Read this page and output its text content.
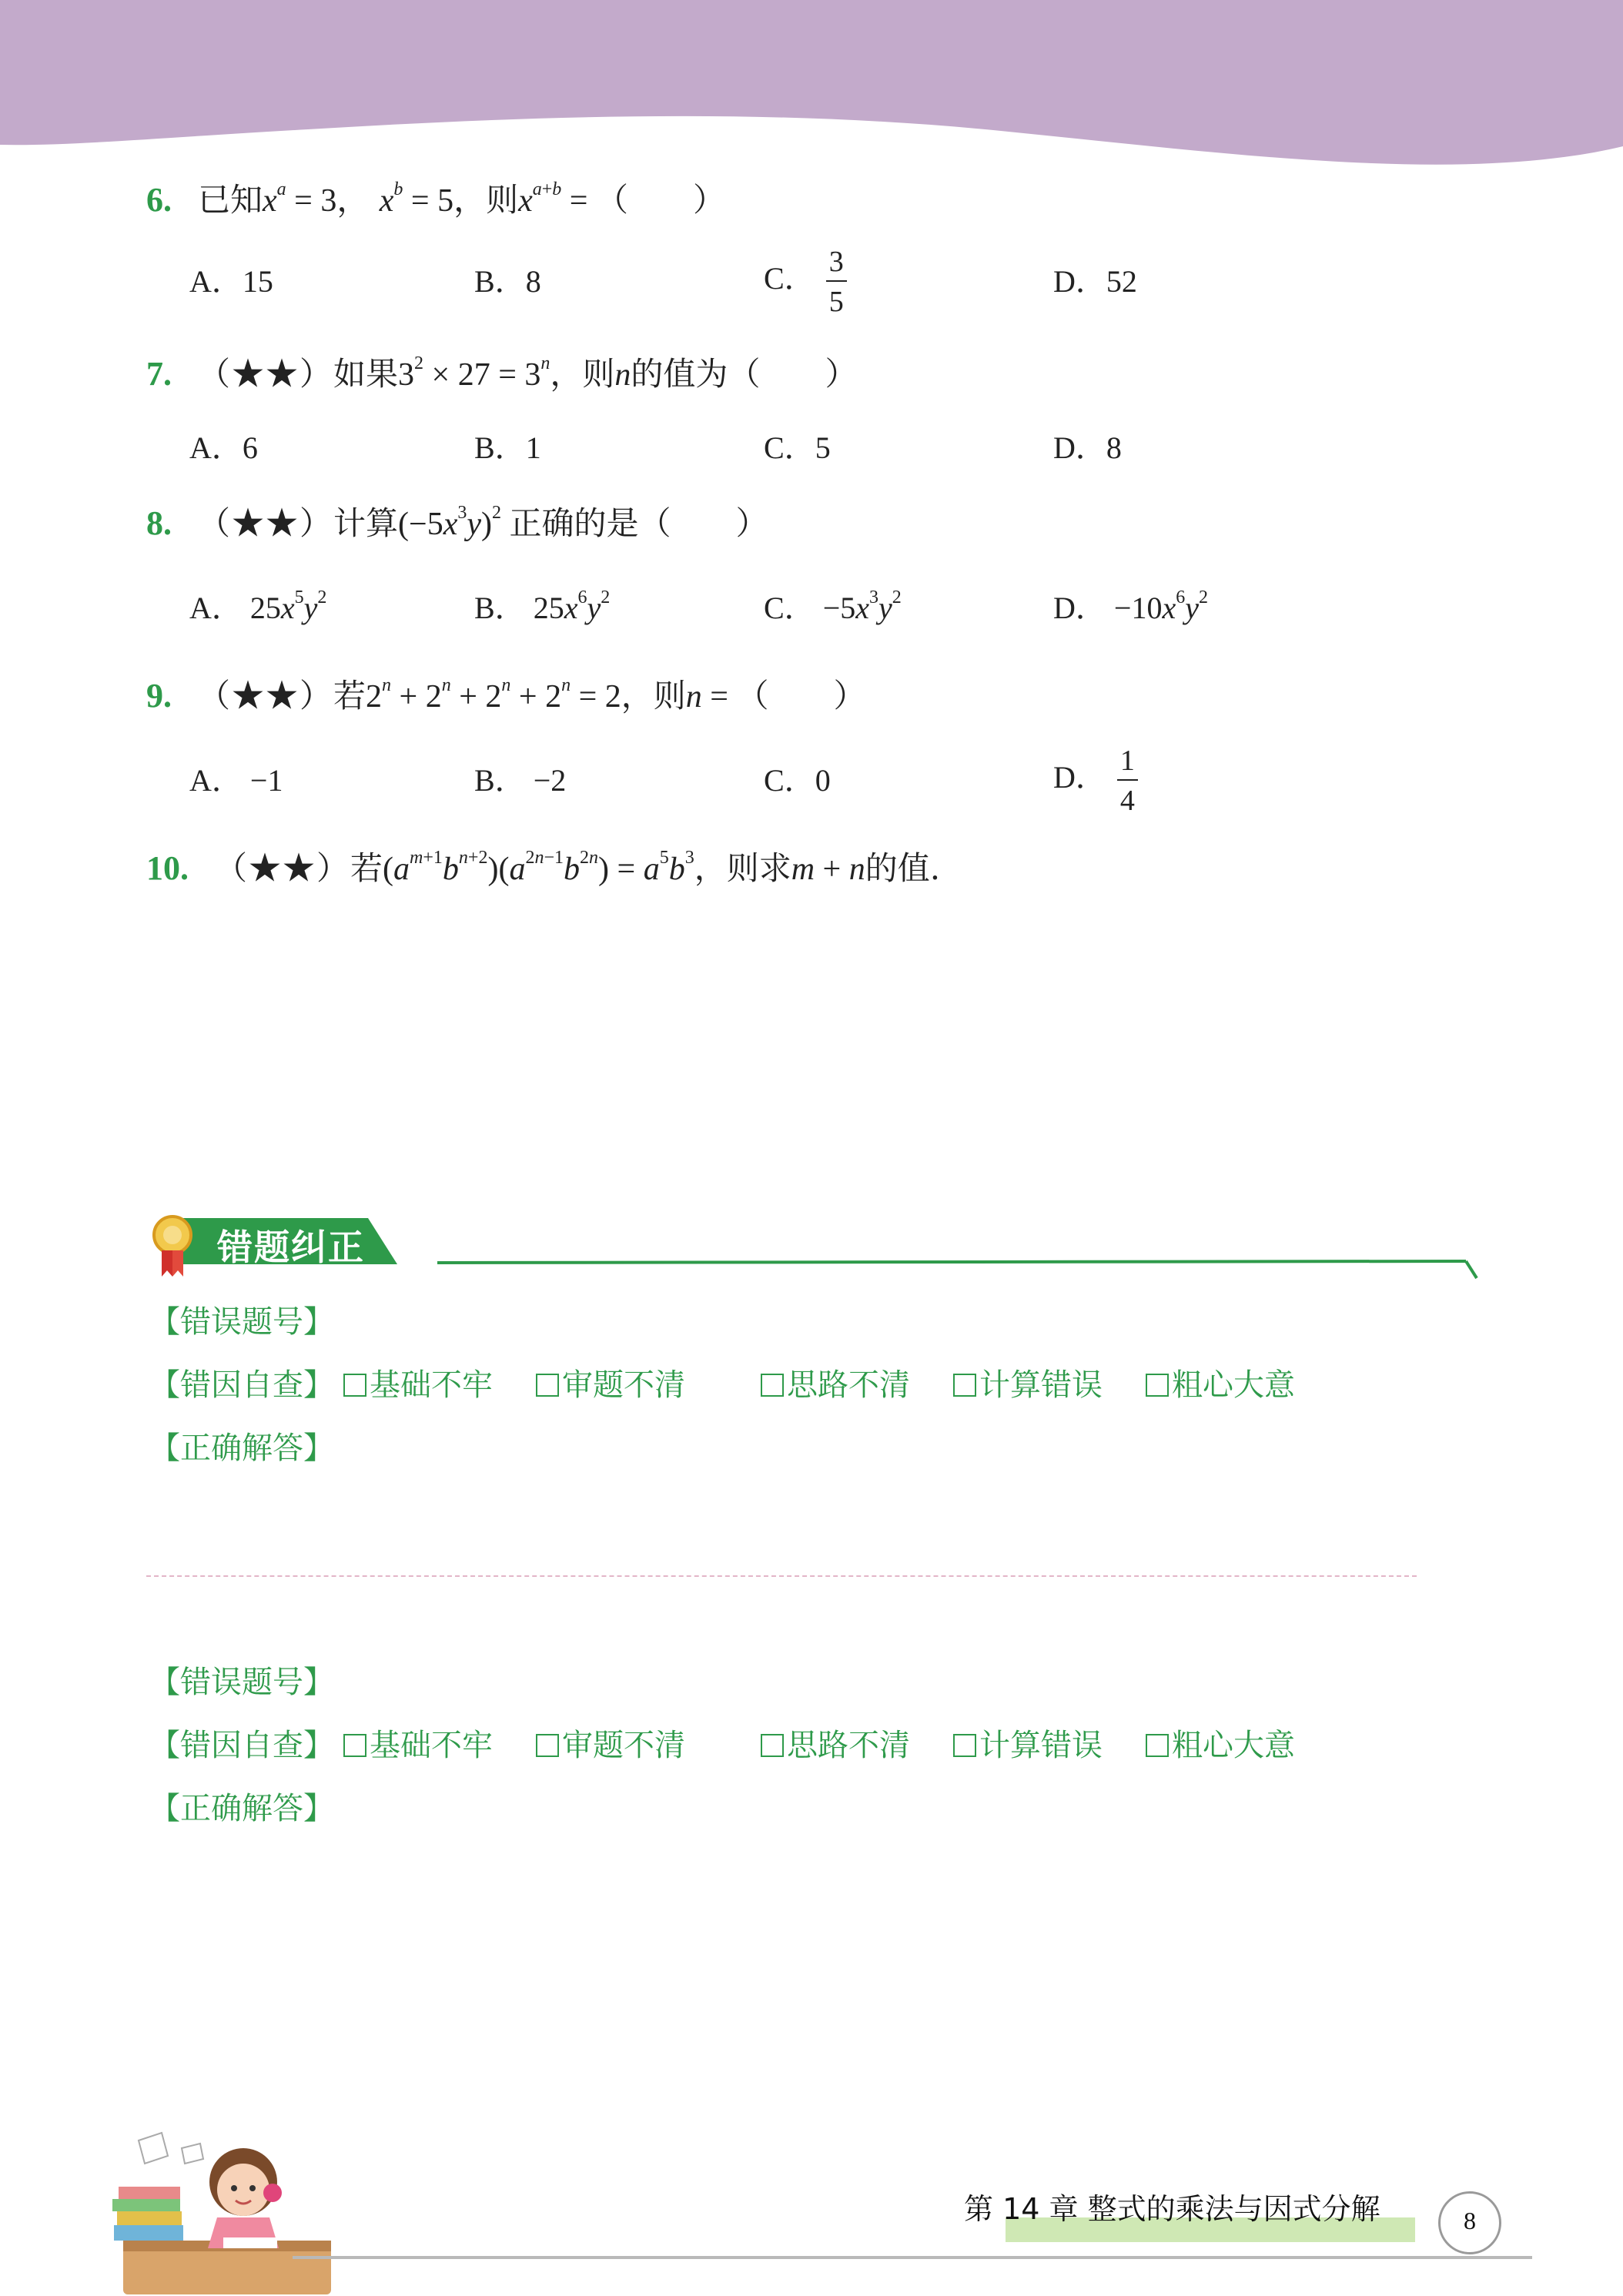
6. 已知$x^a = 3$， $x^b = 5$，则$x^{a+b}$ = （　　）
A．15	B．8	C． $\frac{3}{5}$	D．52
7. （★★）如果$3^2 \times 27 = 3^n$，则n的值为（　　）
A．6	B．1	C．5	D．8
8. （★★）计算$(-5x^3y)^2$ 正确的是（　　）
A． $25x^5y^2$	B． $25x^6y^2$	C． $-5x^3y^2$	D． $-10x^6y^2$
9. （★★）若$2^n + 2^n + 2^n + 2^n = 2$，则n = （　　）
A． −1	B． −2	C．0	D． $\frac{1}{4}$
10. （★★）若$(a^{m+1}b^{n+2})(a^{2n-1}b^{2n}) = a^5b^3$，则求m + n的值.
错题纠正
【错误题号】
【错因自查】	基础不牢	审题不清	思路不清	计算错误	粗心大意
【正确解答】
【错误题号】
【错因自查】	基础不牢	审题不清	思路不清	计算错误	粗心大意
【正确解答】
第 14 章 整式的乘法与因式分解	8
